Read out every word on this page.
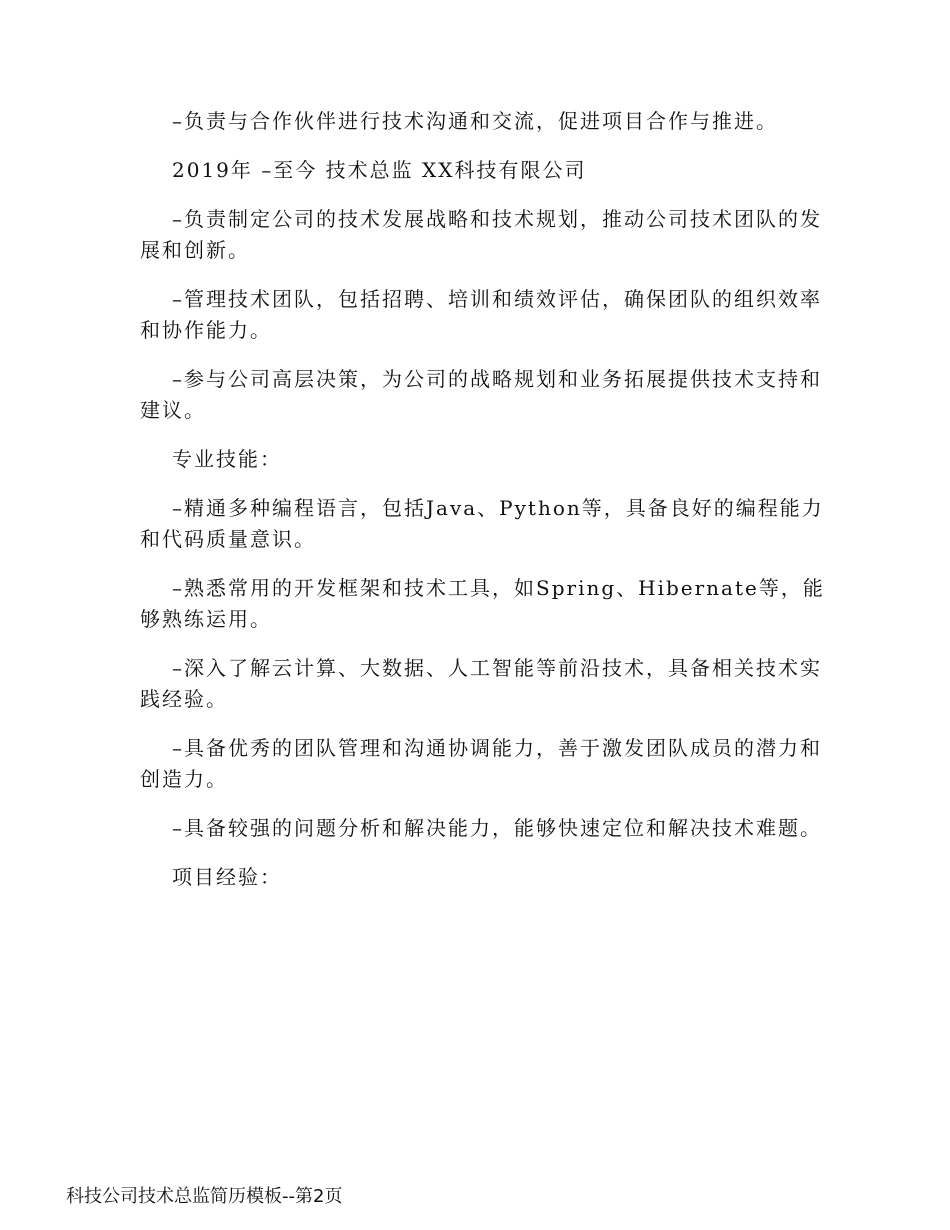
–负责与合作伙伴进行技术沟通和交流，促进项目合作与推进。

2019年 –至今 技术总监 XX科技有限公司

–负责制定公司的技术发展战略和技术规划，推动公司技术团队的发展和创新。

–管理技术团队，包括招聘、培训和绩效评估，确保团队的组织效率和协作能力。

–参与公司高层决策，为公司的战略规划和业务拓展提供技术支持和建议。

专业技能：

–精通多种编程语言，包括Java、Python等，具备良好的编程能力和代码质量意识。

–熟悉常用的开发框架和技术工具，如Spring、Hibernate等，能够熟练运用。

–深入了解云计算、大数据、人工智能等前沿技术，具备相关技术实践经验。

–具备优秀的团队管理和沟通协调能力，善于激发团队成员的潜力和创造力。

–具备较强的问题分析和解决能力，能够快速定位和解决技术难题。

项目经验：

科技公司技术总监简历模板--第2页
